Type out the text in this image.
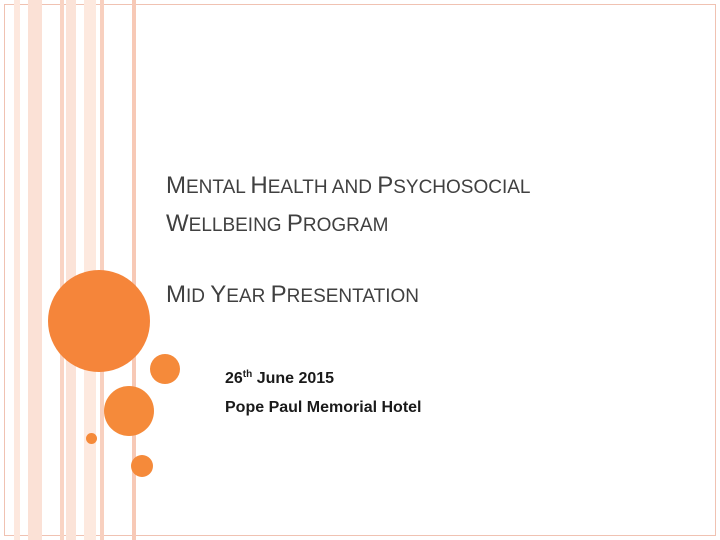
MENTAL HEALTH AND PSYCHOSOCIAL
WELLBEING PROGRAM
MID YEAR PRESENTATION
26th June 2015
Pope Paul Memorial Hotel
